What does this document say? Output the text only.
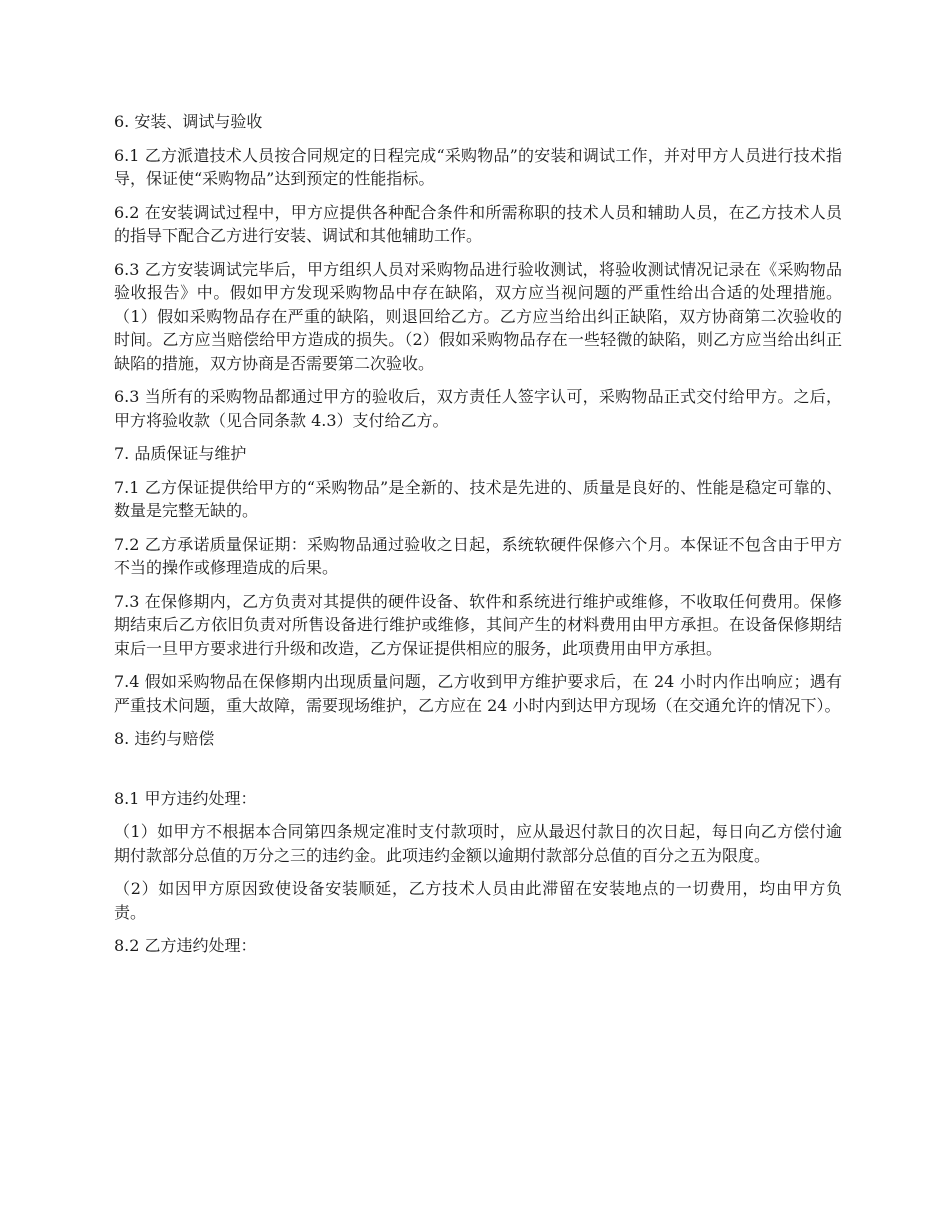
6. 安装、调试与验收

6.1 乙方派遣技术人员按合同规定的日程完成“采购物品”的安装和调试工作，并对甲方人员进行技术指导，保证使“采购物品”达到预定的性能指标。

6.2 在安装调试过程中，甲方应提供各种配合条件和所需称职的技术人员和辅助人员，在乙方技术人员的指导下配合乙方进行安装、调试和其他辅助工作。

6.3 乙方安装调试完毕后，甲方组织人员对采购物品进行验收测试，将验收测试情况记录在《采购物品验收报告》中。假如甲方发现采购物品中存在缺陷，双方应当视问题的严重性给出合适的处理措施。（1）假如采购物品存在严重的缺陷，则退回给乙方。乙方应当给出纠正缺陷，双方协商第二次验收的时间。乙方应当赔偿给甲方造成的损失。（2）假如采购物品存在一些轻微的缺陷，则乙方应当给出纠正缺陷的措施，双方协商是否需要第二次验收。

6.3 当所有的采购物品都通过甲方的验收后，双方责任人签字认可，采购物品正式交付给甲方。之后，甲方将验收款（见合同条款 4.3）支付给乙方。

7. 品质保证与维护

7.1 乙方保证提供给甲方的“采购物品”是全新的、技术是先进的、质量是良好的、性能是稳定可靠的、数量是完整无缺的。

7.2 乙方承诺质量保证期：采购物品通过验收之日起，系统软硬件保修六个月。本保证不包含由于甲方不当的操作或修理造成的后果。

7.3 在保修期内，乙方负责对其提供的硬件设备、软件和系统进行维护或维修，不收取任何费用。保修期结束后乙方依旧负责对所售设备进行维护或维修，其间产生的材料费用由甲方承担。在设备保修期结束后一旦甲方要求进行升级和改造，乙方保证提供相应的服务，此项费用由甲方承担。

7.4 假如采购物品在保修期内出现质量问题，乙方收到甲方维护要求后，在 24 小时内作出响应；遇有严重技术问题，重大故障，需要现场维护，乙方应在 24 小时内到达甲方现场（在交通允许的情况下）。

8. 违约与赔偿

8.1 甲方违约处理：

（1）如甲方不根据本合同第四条规定准时支付款项时，应从最迟付款日的次日起，每日向乙方偿付逾期付款部分总值的万分之三的违约金。此项违约金额以逾期付款部分总值的百分之五为限度。

（2）如因甲方原因致使设备安装顺延，乙方技术人员由此滞留在安装地点的一切费用，均由甲方负责。

8.2 乙方违约处理：
